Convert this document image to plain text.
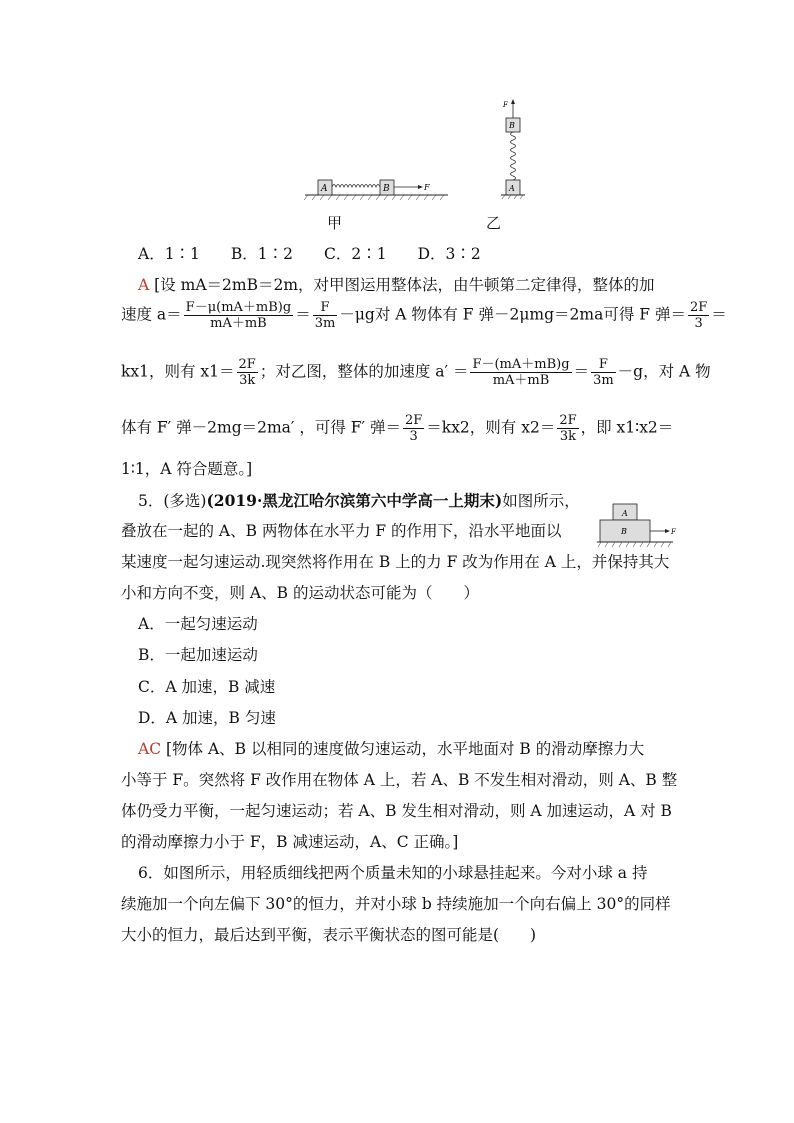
A	B	F
F
B
A
甲	乙
A．1∶1　　B．1∶2　　C．2∶1　　D．3∶2
A [设 mA＝2mB＝2m，对甲图运用整体法，由牛顿第二定律得，整体的加
速度 $a= \frac{F-\mu(mA+mB)g}{mA+mB} = \frac{F}{3m} -\mu g$对 A 物体有 F 弹－2μmg＝2ma可得 F 弹＝ $\frac{2F}{3}$ ＝
kx1，则有 $x1= \frac{2F}{3k}$ ；对乙图，整体的加速度 $a' = \frac{F-(mA+mB)g}{mA+mB} = \frac{F}{3m} -g$，对 A 物
体有 F′ 弹－2mg＝2ma′ ，可得 F′ 弹＝ $\frac{2F}{3} =kx2$，则有 $x2= \frac{2F}{3k}$ ，即 x1∶x2＝
1∶1，A 符合题意。]
5．(多选)(2019·黑龙江哈尔滨第六中学高一上期末)如图所示，
A
B	F
叠放在一起的 A、B 两物体在水平力 F 的作用下，沿水平地面以
某速度一起匀速运动.现突然将作用在 B 上的力 F 改为作用在 A 上，并保持其大
小和方向不变，则 A、B 的运动状态可能为（　　）
A．一起匀速运动
B．一起加速运动
C．A 加速，B 减速
D．A 加速，B 匀速
AC [物体 A、B 以相同的速度做匀速运动，水平地面对 B 的滑动摩擦力大
小等于 F。突然将 F 改作用在物体 A 上，若 A、B 不发生相对滑动，则 A、B 整
体仍受力平衡，一起匀速运动；若 A、B 发生相对滑动，则 A 加速运动，A 对 B
的滑动摩擦力小于 F，B 减速运动，A、C 正确。]
6．如图所示，用轻质细线把两个质量未知的小球悬挂起来。今对小球 a 持
续施加一个向左偏下 30°的恒力，并对小球 b 持续施加一个向右偏上 30°的同样
大小的恒力，最后达到平衡，表示平衡状态的图可能是(　　)
